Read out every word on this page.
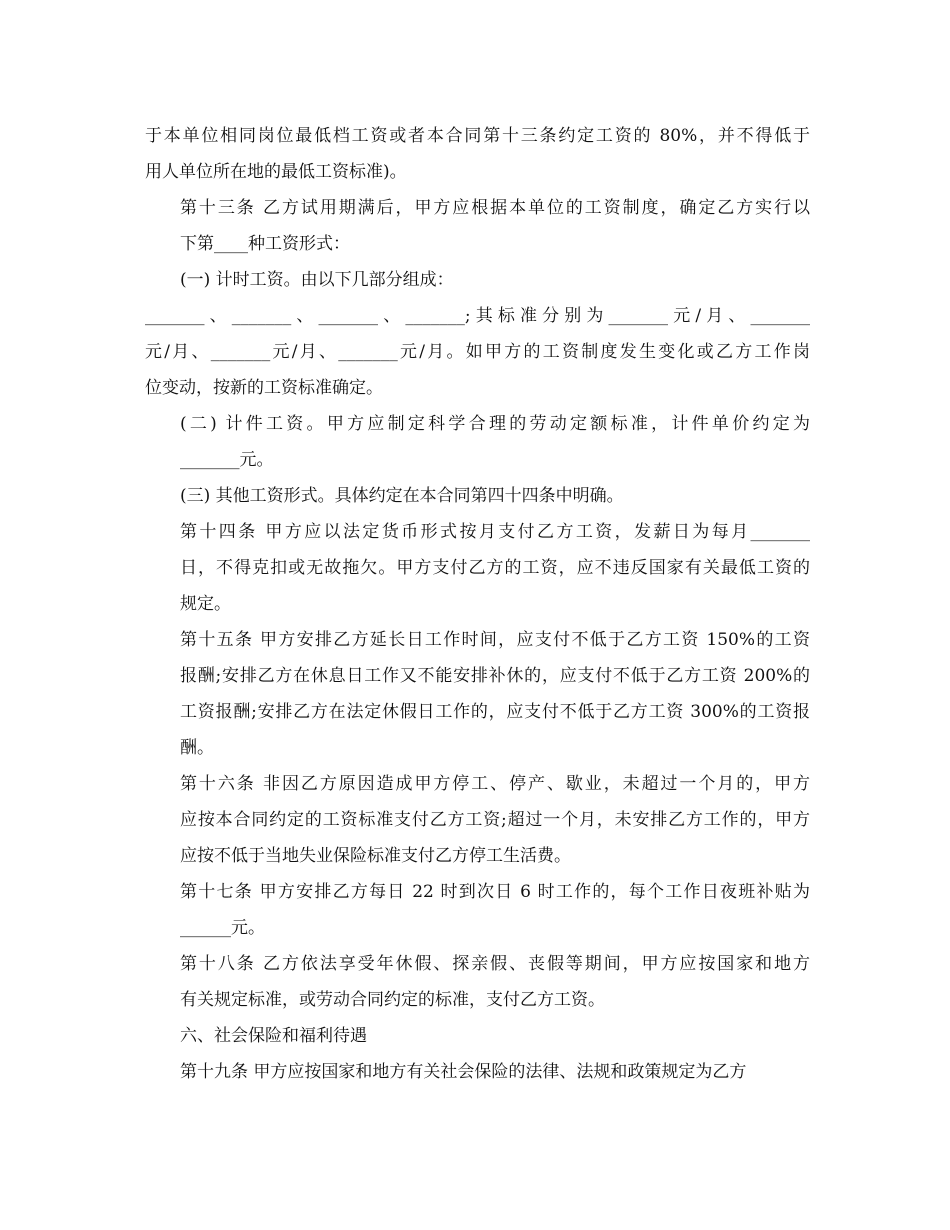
于本单位相同岗位最低档工资或者本合同第十三条约定工资的 80%，并不得低于
用人单位所在地的最低工资标准)。
第十三条 乙方试用期满后，甲方应根据本单位的工资制度，确定乙方实行以
下第____种工资形式：
(一) 计时工资。由以下几部分组成：
_______、_______、_______、_______;其标准分别为_______元/月、_______
元/月、_______元/月、_______元/月。如甲方的工资制度发生变化或乙方工作岗
位变动，按新的工资标准确定。
(二) 计件工资。甲方应制定科学合理的劳动定额标准，计件单价约定为
_______元。
(三) 其他工资形式。具体约定在本合同第四十四条中明确。
第十四条 甲方应以法定货币形式按月支付乙方工资，发薪日为每月_______
日，不得克扣或无故拖欠。甲方支付乙方的工资，应不违反国家有关最低工资的
规定。
第十五条 甲方安排乙方延长日工作时间，应支付不低于乙方工资 150%的工资
报酬;安排乙方在休息日工作又不能安排补休的，应支付不低于乙方工资 200%的
工资报酬;安排乙方在法定休假日工作的，应支付不低于乙方工资 300%的工资报
酬。
第十六条 非因乙方原因造成甲方停工、停产、歇业，未超过一个月的，甲方
应按本合同约定的工资标准支付乙方工资;超过一个月，未安排乙方工作的，甲方
应按不低于当地失业保险标准支付乙方停工生活费。
第十七条 甲方安排乙方每日 22 时到次日 6 时工作的，每个工作日夜班补贴为
______元。
第十八条 乙方依法享受年休假、探亲假、丧假等期间，甲方应按国家和地方
有关规定标准，或劳动合同约定的标准，支付乙方工资。
六、社会保险和福利待遇
第十九条 甲方应按国家和地方有关社会保险的法律、法规和政策规定为乙方
